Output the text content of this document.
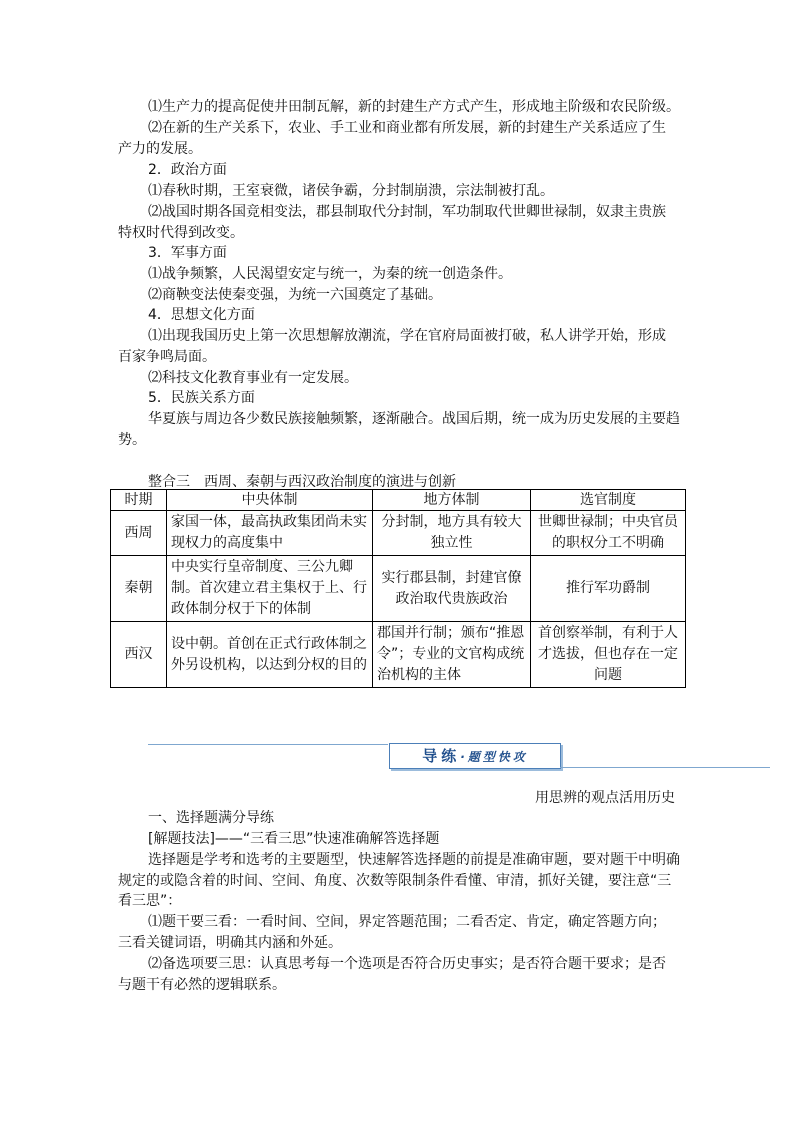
⑴生产力的提高促使井田制瓦解，新的封建生产方式产生，形成地主阶级和农民阶级。
⑵在新的生产关系下，农业、手工业和商业都有所发展，新的封建生产关系适应了生
产力的发展。
2．政治方面
⑴春秋时期，王室衰微，诸侯争霸，分封制崩溃，宗法制被打乱。
⑵战国时期各国竞相变法，郡县制取代分封制，军功制取代世卿世禄制，奴隶主贵族
特权时代得到改变。
3．军事方面
⑴战争频繁，人民渴望安定与统一，为秦的统一创造条件。
⑵商鞅变法使秦变强，为统一六国奠定了基础。
4．思想文化方面
⑴出现我国历史上第一次思想解放潮流，学在官府局面被打破，私人讲学开始，形成
百家争鸣局面。
⑵科技文化教育事业有一定发展。
5．民族关系方面
华夏族与周边各少数民族接触频繁，逐渐融合。战国后期，统一成为历史发展的主要趋
势。
整合三　西周、秦朝与西汉政治制度的演进与创新
时期	中央体制	地方体制	选官制度
西周	家国一体，最高执政集团尚未实现权力的高度集中	分封制，地方具有较大独立性	世卿世禄制；中央官员的职权分工不明确
秦朝	中央实行皇帝制度、三公九卿制。首次建立君主集权于上、行政体制分权于下的体制	实行郡县制，封建官僚政治取代贵族政治	推行军功爵制
西汉	设中朝。首创在正式行政体制之外另设机构，以达到分权的目的	郡国并行制；颁布“推恩令”；专业的文官构成统治机构的主体	首创察举制，有利于人才选拔，但也存在一定问题
导练·题型快攻
用思辨的观点活用历史
一、选择题满分导练
[解题技法]——“三看三思”快速准确解答选择题
选择题是学考和选考的主要题型，快速解答选择题的前提是准确审题，要对题干中明确
规定的或隐含着的时间、空间、角度、次数等限制条件看懂、审清，抓好关键，要注意“三
看三思”：
⑴题干要三看：一看时间、空间，界定答题范围；二看否定、肯定，确定答题方向；
三看关键词语，明确其内涵和外延。
⑵备选项要三思：认真思考每一个选项是否符合历史事实；是否符合题干要求；是否
与题干有必然的逻辑联系。
